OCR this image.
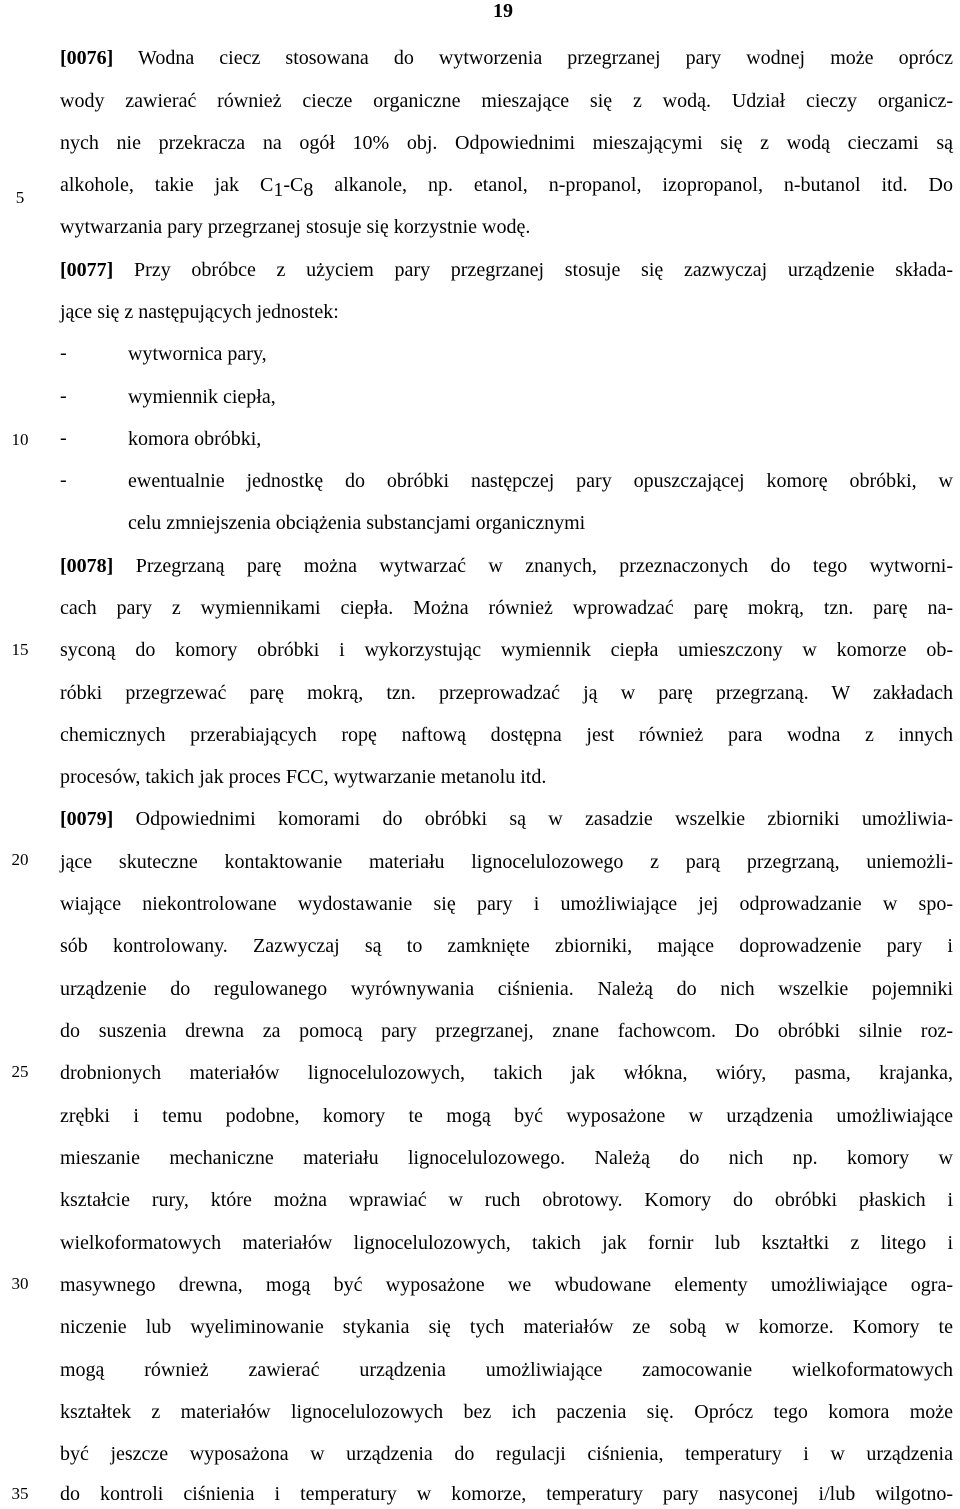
19
5
10
15
20
25
30
35
[0076] Wodna ciecz stosowana do wytworzenia przegrzanej pary wodnej może oprócz
wody zawierać również ciecze organiczne mieszające się z wodą. Udział cieczy organicz-
nych nie przekracza na ogół 10% obj. Odpowiednimi mieszającymi się z wodą cieczami są
alkohole, takie jak $C_1-C_8$ alkanole, np. etanol, n-propanol, izopropanol, n-butanol itd. Do
wytwarzania pary przegrzanej stosuje się korzystnie wodę.
[0077] Przy obróbce z użyciem pary przegrzanej stosuje się zazwyczaj urządzenie składa-
jące się z następujących jednostek:
-	wytwornica pary,
-	wymiennik ciepła,
-	komora obróbki,
-	ewentualnie jednostkę do obróbki następczej pary opuszczającej komorę obróbki, w
celu zmniejszenia obciążenia substancjami organicznymi
[0078] Przegrzaną parę można wytwarzać w znanych, przeznaczonych do tego wytworni-
cach pary z wymiennikami ciepła. Można również wprowadzać parę mokrą, tzn. parę na-
syconą do komory obróbki i wykorzystując wymiennik ciepła umieszczony w komorze ob-
róbki przegrzewać parę mokrą, tzn. przeprowadzać ją w parę przegrzaną. W zakładach
chemicznych przerabiających ropę naftową dostępna jest również para wodna z innych
procesów, takich jak proces FCC, wytwarzanie metanolu itd.
[0079] Odpowiednimi komorami do obróbki są w zasadzie wszelkie zbiorniki umożliwia-
jące skuteczne kontaktowanie materiału lignocelulozowego z parą przegrzaną, uniemożli-
wiające niekontrolowane wydostawanie się pary i umożliwiające jej odprowadzanie w spo-
sób kontrolowany. Zazwyczaj są to zamknięte zbiorniki, mające doprowadzenie pary i
urządzenie do regulowanego wyrównywania ciśnienia. Należą do nich wszelkie pojemniki
do suszenia drewna za pomocą pary przegrzanej, znane fachowcom. Do obróbki silnie roz-
drobnionych materiałów lignocelulozowych, takich jak włókna, wióry, pasma, krajanka,
zrębki i temu podobne, komory te mogą być wyposażone w urządzenia umożliwiające
mieszanie mechaniczne materiału lignocelulozowego. Należą do nich np. komory w
kształcie rury, które można wprawiać w ruch obrotowy. Komory do obróbki płaskich i
wielkoformatowych materiałów lignocelulozowych, takich jak fornir lub kształtki z litego i
masywnego drewna, mogą być wyposażone we wbudowane elementy umożliwiające ogra-
niczenie lub wyeliminowanie stykania się tych materiałów ze sobą w komorze. Komory te
mogą również zawierać urządzenia umożliwiające zamocowanie wielkoformatowych
kształtek z materiałów lignocelulozowych bez ich paczenia się. Oprócz tego komora może
być jeszcze wyposażona w urządzenia do regulacji ciśnienia, temperatury i w urządzenia
do kontroli ciśnienia i temperatury w komorze, temperatury pary nasyconej i/lub wilgotno-
